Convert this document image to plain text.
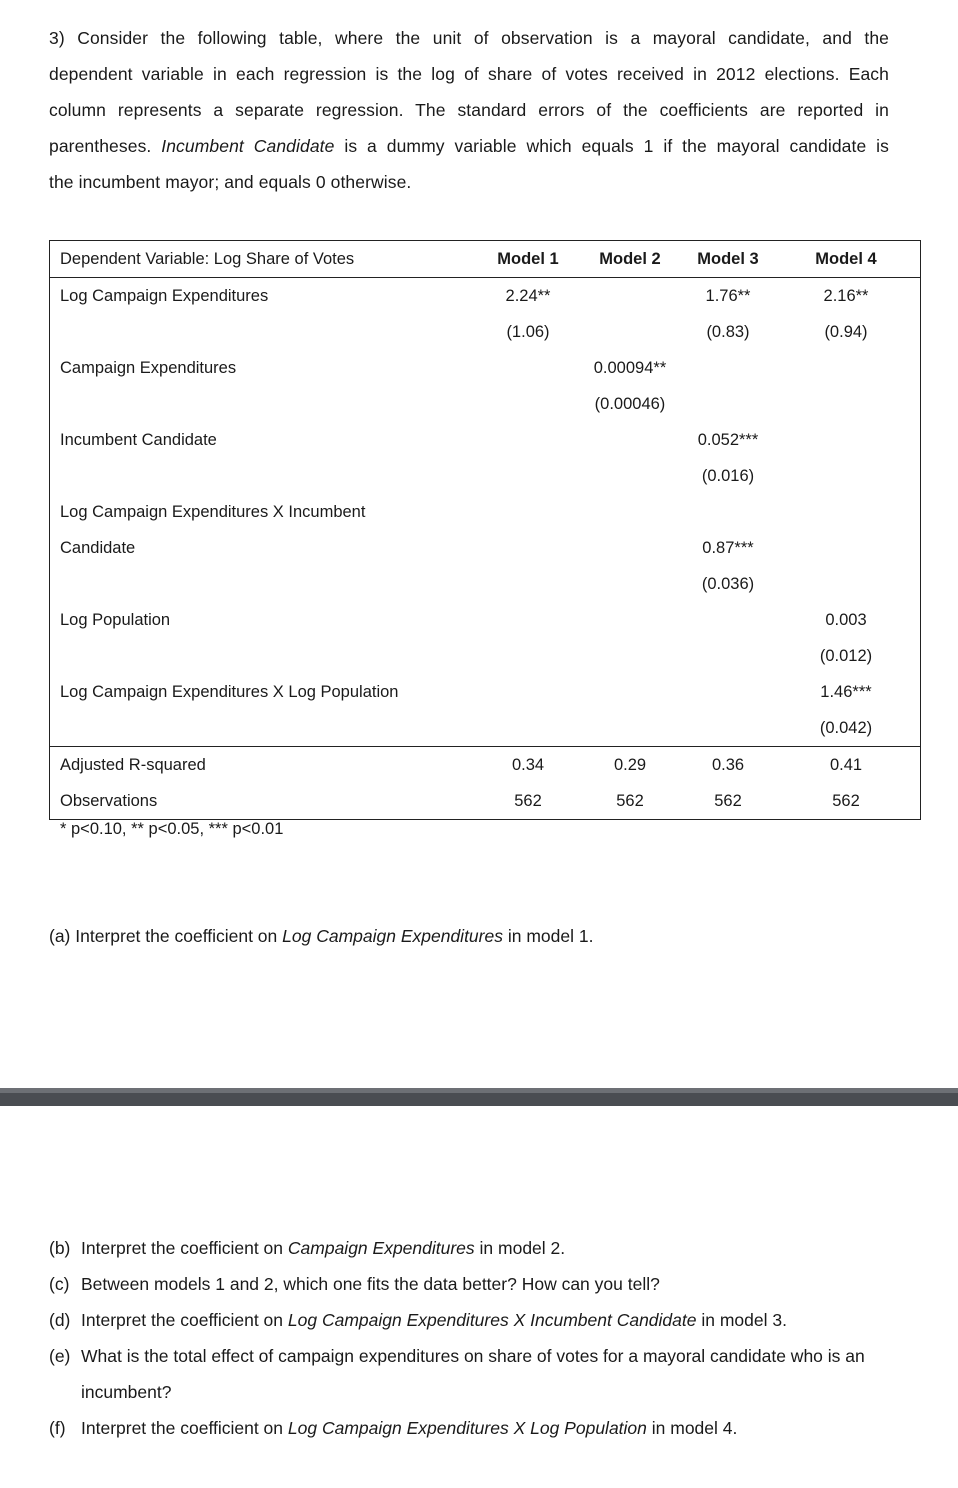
3) Consider the following table, where the unit of observation is a mayoral candidate, and the
dependent variable in each regression is the log of share of votes received in 2012 elections. Each
column represents a separate regression. The standard errors of the coefficients are reported in
parentheses. Incumbent Candidate is a dummy variable which equals 1 if the mayoral candidate is
the incumbent mayor; and equals 0 otherwise.
Dependent Variable: Log Share of Votes	Model 1	Model 2	Model 3	Model 4
Log Campaign Expenditures	2.24**		1.76**	2.16**
	(1.06)		(0.83)	(0.94)
Campaign Expenditures		0.00094**		
		(0.00046)		
Incumbent Candidate			0.052***	
			(0.016)	
Log Campaign Expenditures X Incumbent				
Candidate			0.87***	
			(0.036)	
Log Population				0.003
				(0.012)
Log Campaign Expenditures X Log Population				1.46***
				(0.042)
Adjusted R-squared	0.34	0.29	0.36	0.41
Observations	562	562	562	562
* p<0.10, ** p<0.05, *** p<0.01
(a) Interpret the coefficient on Log Campaign Expenditures in model 1.
(b) Interpret the coefficient on Campaign Expenditures in model 2.
(c) Between models 1 and 2, which one fits the data better? How can you tell?
(d) Interpret the coefficient on Log Campaign Expenditures X Incumbent Candidate in model 3.
(e) What is the total effect of campaign expenditures on share of votes for a mayoral candidate who is an incumbent?
(f) Interpret the coefficient on Log Campaign Expenditures X Log Population in model 4.
